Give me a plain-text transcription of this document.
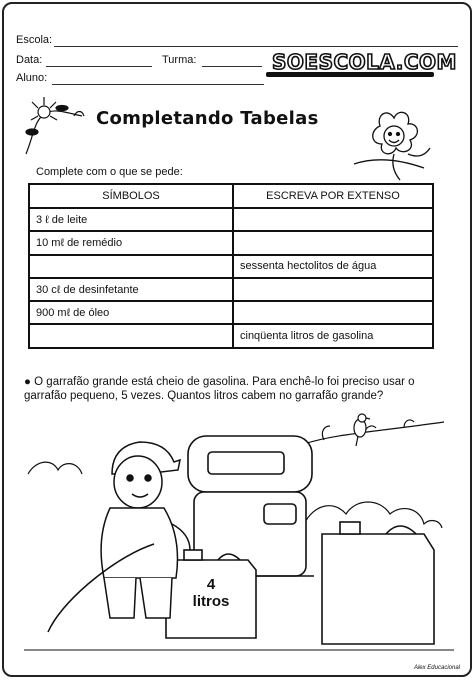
Escola:
Data:	Turma:
Aluno:
SOESCOLA.COM
Completando Tabelas
Complete com o que se pede:
SÍMBOLOS	ESCREVA POR EXTENSO
3 ℓ de leite	
10 mℓ de remédio	
	sessenta hectolitos de água
30 cℓ de desinfetante	
900 mℓ de óleo	
	cinqüenta litros de gasolina
● O garrafão grande está cheio de gasolina. Para enchê-lo foi preciso usar o garrafão pequeno, 5 vezes. Quantos litros cabem no garrafão grande?
4
litros
Alex Educacional
